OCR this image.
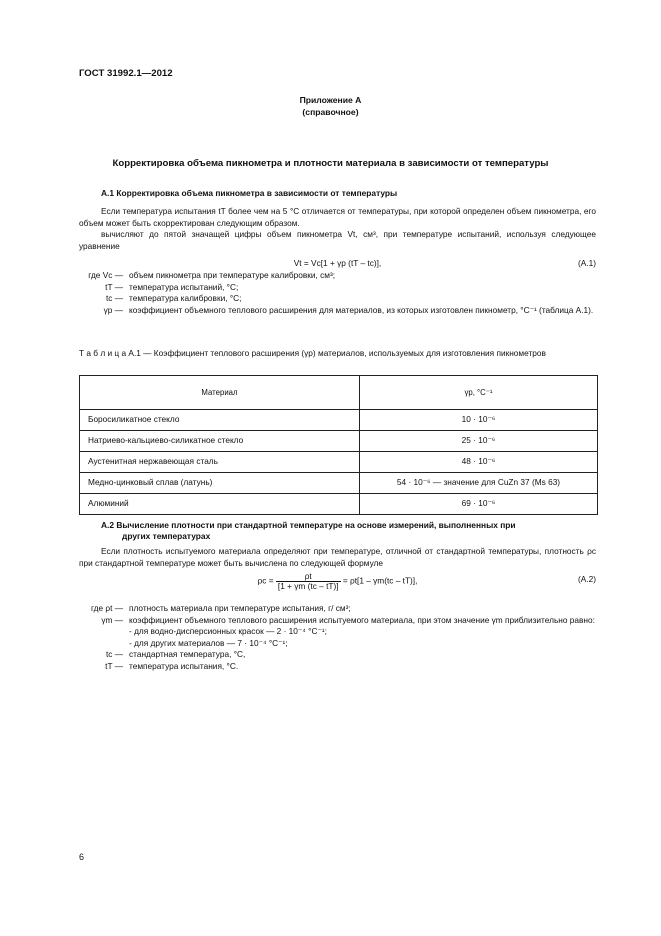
ГОСТ 31992.1—2012
Приложение А
(справочное)
Корректировка объема пикнометра и плотности материала в зависимости от температуры
А.1 Корректировка объема пикнометра в зависимости от температуры
Если температура испытания tT более чем на 5 °С отличается от температуры, при которой определен объем пикнометра, его объем может быть скорректирован следующим образом.
вычисляют до пятой значащей цифры объем пикнометра Vt, см³, при температуре испытаний, используя следующее уравнение
Vt = Vc[1 + γp (tT – tc)],	(А.1)
где Vc — объем пикнометра при температуре калибровки, см³;
tT — температура испытаний, °С;
tc — температура калибровки, °С;
γp — коэффициент объемного теплового расширения для материалов, из которых изготовлен пикнометр, °С⁻¹ (таблица А.1).
Т а б л и ц а А.1 — Коэффициент теплового расширения (γp) материалов, используемых для изготовления пикнометров
Материал	γp, °С⁻¹
Боросиликатное стекло	10 · 10⁻⁶
Натриево-кальциево-силикатное стекло	25 · 10⁻⁶
Аустенитная нержавеющая сталь	48 · 10⁻⁶
Медно-цинковый сплав (латунь)	54 · 10⁻⁶ — значение для CuZn 37 (Ms 63)
Алюминий	69 · 10⁻⁶
А.2 Вычисление плотности при стандартной температуре на основе измерений, выполненных при
других температурах
Если плотность испытуемого материала определяют при температуре, отличной от стандартной температуры, плотность ρc при стандартной температуре может быть вычислена по следующей формуле
$\rho c = \frac{\rho t}{[1 + \gamma m (tc - tT)]} = \rho t[1 - \gamma m(tc - tT)]$,	(А.2)
где ρt — плотность материала при температуре испытания, г/ см³;
γm — коэффициент объемного теплового расширения испытуемого материала, при этом значение γm приблизительно равно:
- для водно-дисперсионных красок — 2 · 10⁻⁴ °С⁻¹;
- для других материалов — 7 · 10⁻⁴ °С⁻¹;
tc — стандартная температура, °С,
tT — температура испытания, °С.
6
